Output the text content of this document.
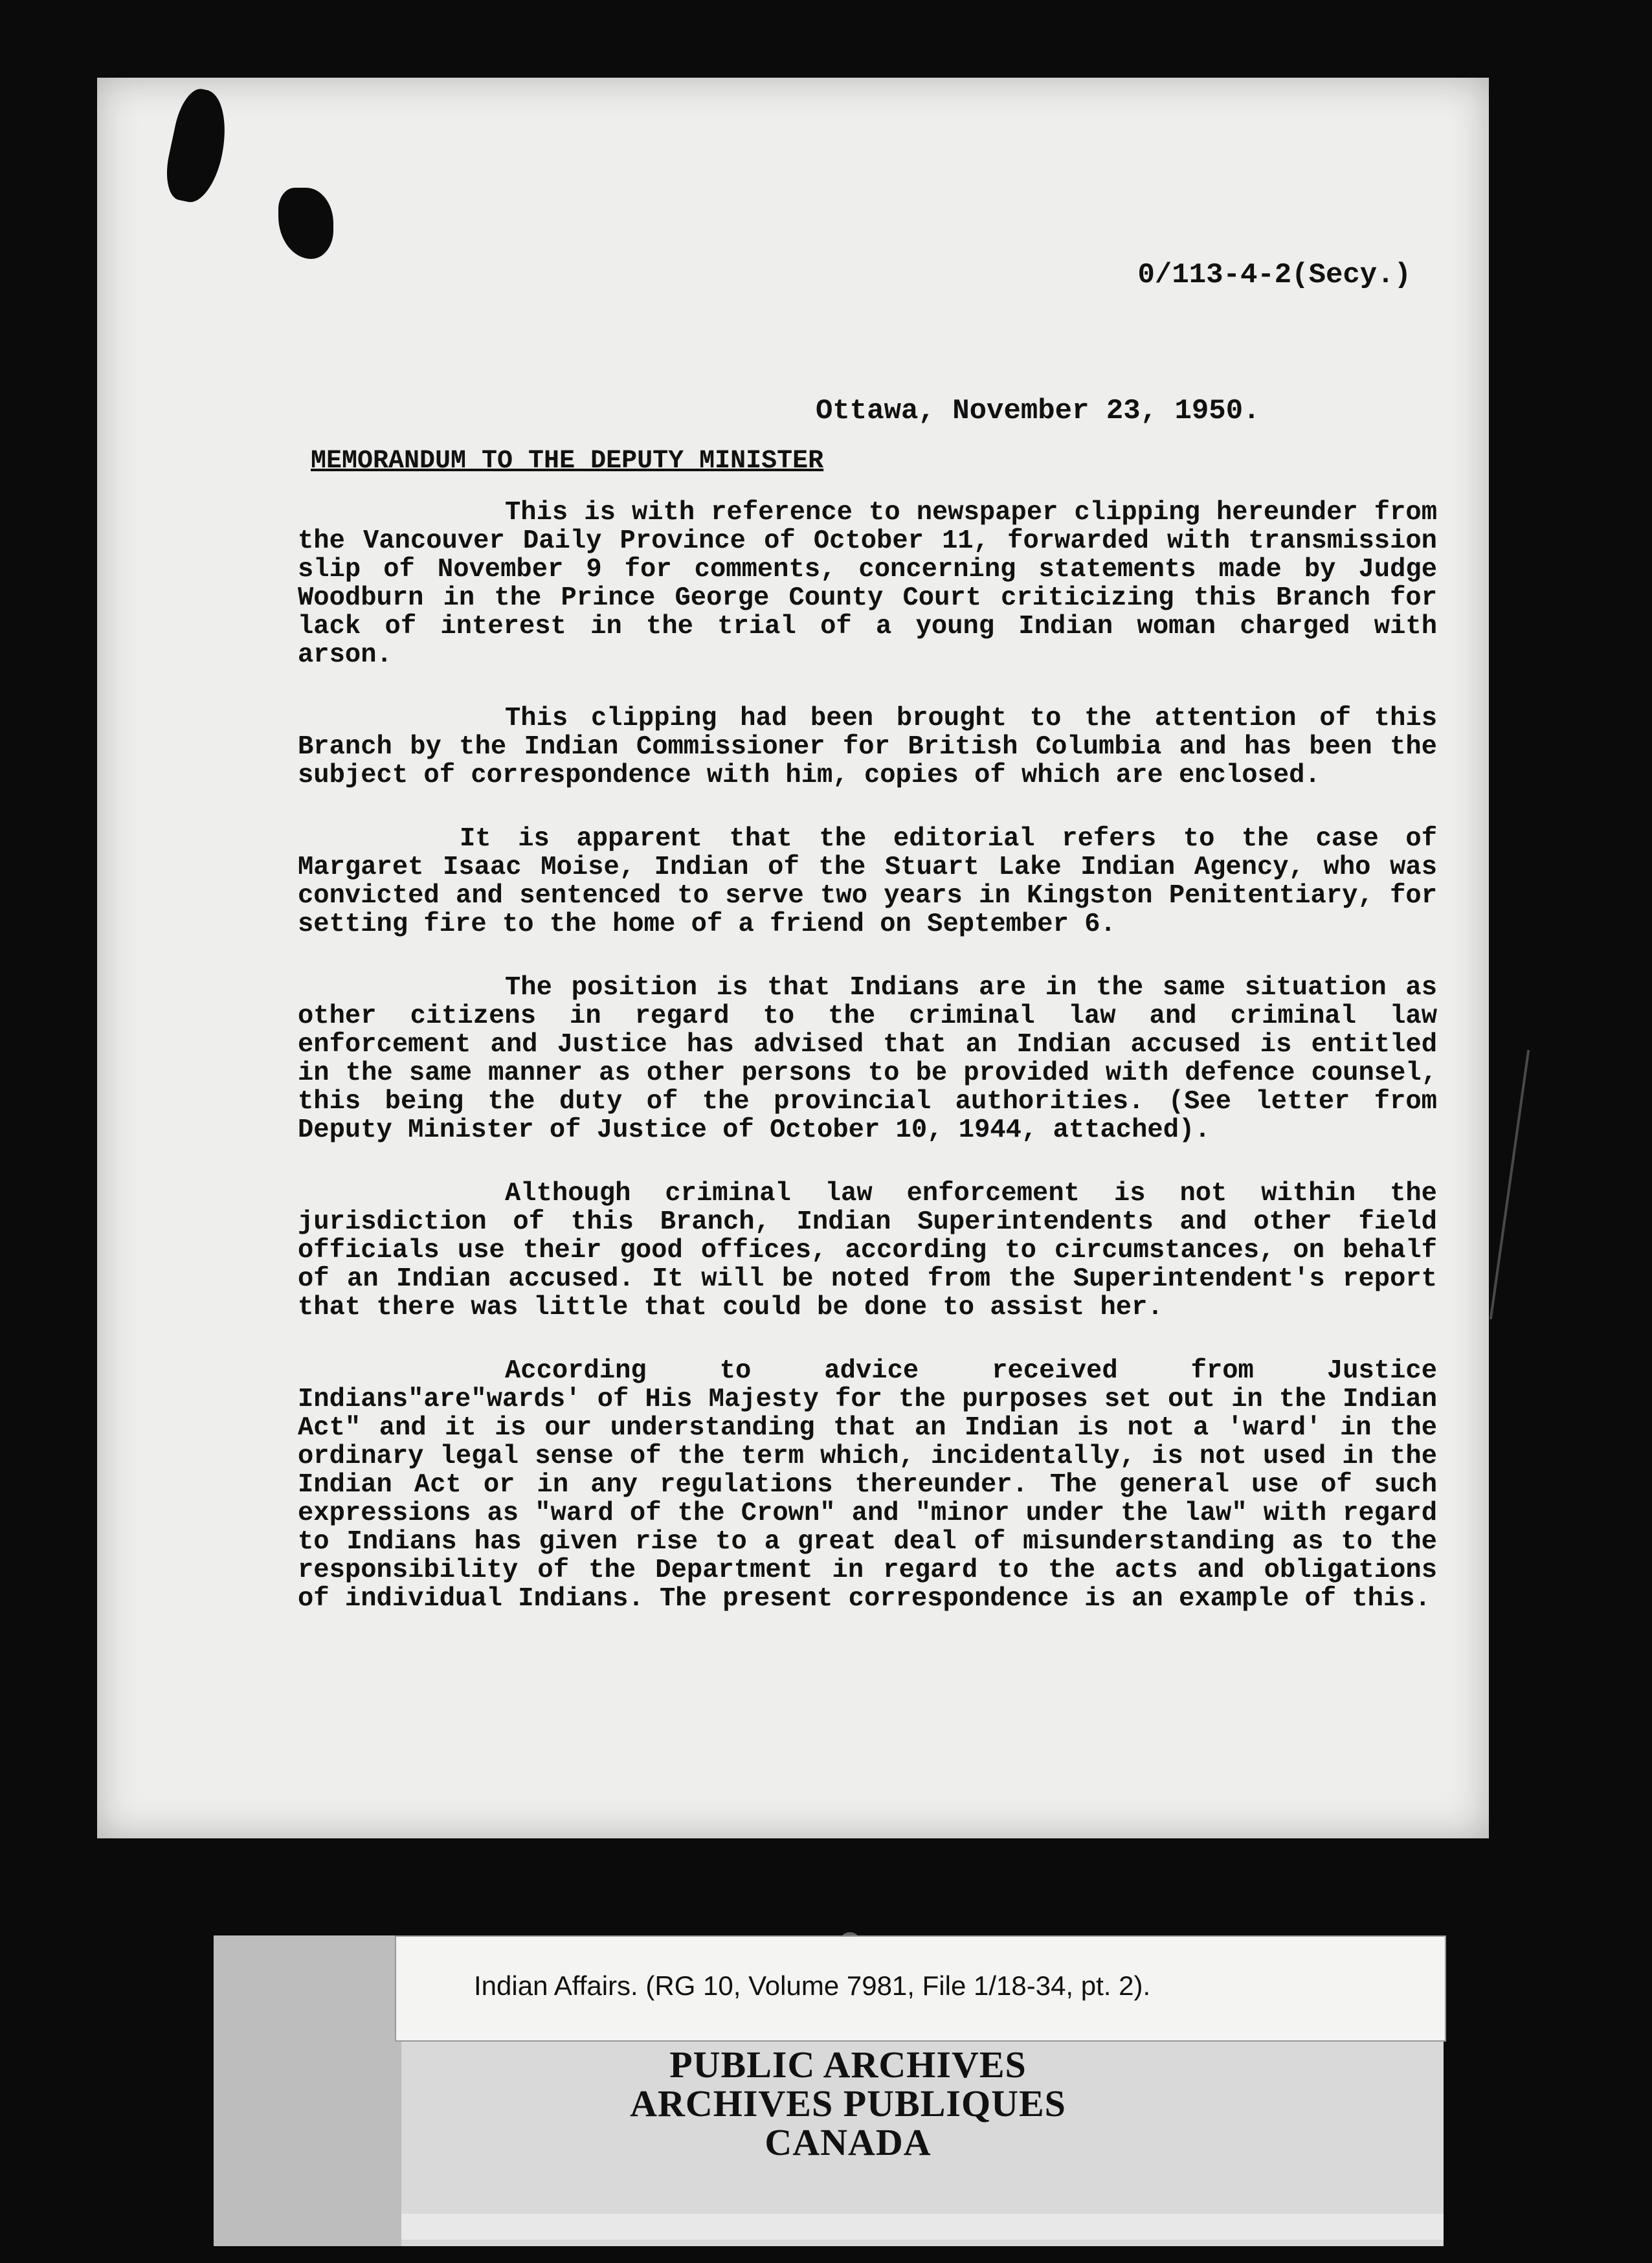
0/113-4-2(Secy.)
Ottawa, November 23, 1950.
MEMORANDUM TO THE DEPUTY MINISTER

This is with reference to newspaper clipping hereunder from the Vancouver Daily Province of October 11, forwarded with transmission slip of November 9 for comments, concerning statements made by Judge Woodburn in the Prince George County Court criticizing this Branch for lack of interest in the trial of a young Indian woman charged with arson.

This clipping had been brought to the attention of this Branch by the Indian Commissioner for British Columbia and has been the subject of correspondence with him, copies of which are enclosed.

It is apparent that the editorial refers to the case of Margaret Isaac Moise, Indian of the Stuart Lake Indian Agency, who was convicted and sentenced to serve two years in Kingston Penitentiary, for setting fire to the home of a friend on September 6.

The position is that Indians are in the same situation as other citizens in regard to the criminal law and criminal law enforcement and Justice has advised that an Indian accused is entitled in the same manner as other persons to be provided with defence counsel, this being the duty of the provincial authorities. (See letter from Deputy Minister of Justice of October 10, 1944, attached).

Although criminal law enforcement is not within the jurisdiction of this Branch, Indian Superintendents and other field officials use their good offices, according to circumstances, on behalf of an Indian accused. It will be noted from the Superintendent's report that there was little that could be done to assist her.

According to advice received from Justice Indians"are"wards' of His Majesty for the purposes set out in the Indian Act" and it is our understanding that an Indian is not a 'ward' in the ordinary legal sense of the term which, incidentally, is not used in the Indian Act or in any regulations thereunder. The general use of such expressions as "ward of the Crown" and "minor under the law" with regard to Indians has given rise to a great deal of misunderstanding as to the responsibility of the Department in regard to the acts and obligations of individual Indians. The present correspondence is an example of this.

Indian Affairs. (RG 10, Volume 7981, File 1/18-34, pt. 2).
PUBLIC ARCHIVES
ARCHIVES PUBLIQUES
CANADA
